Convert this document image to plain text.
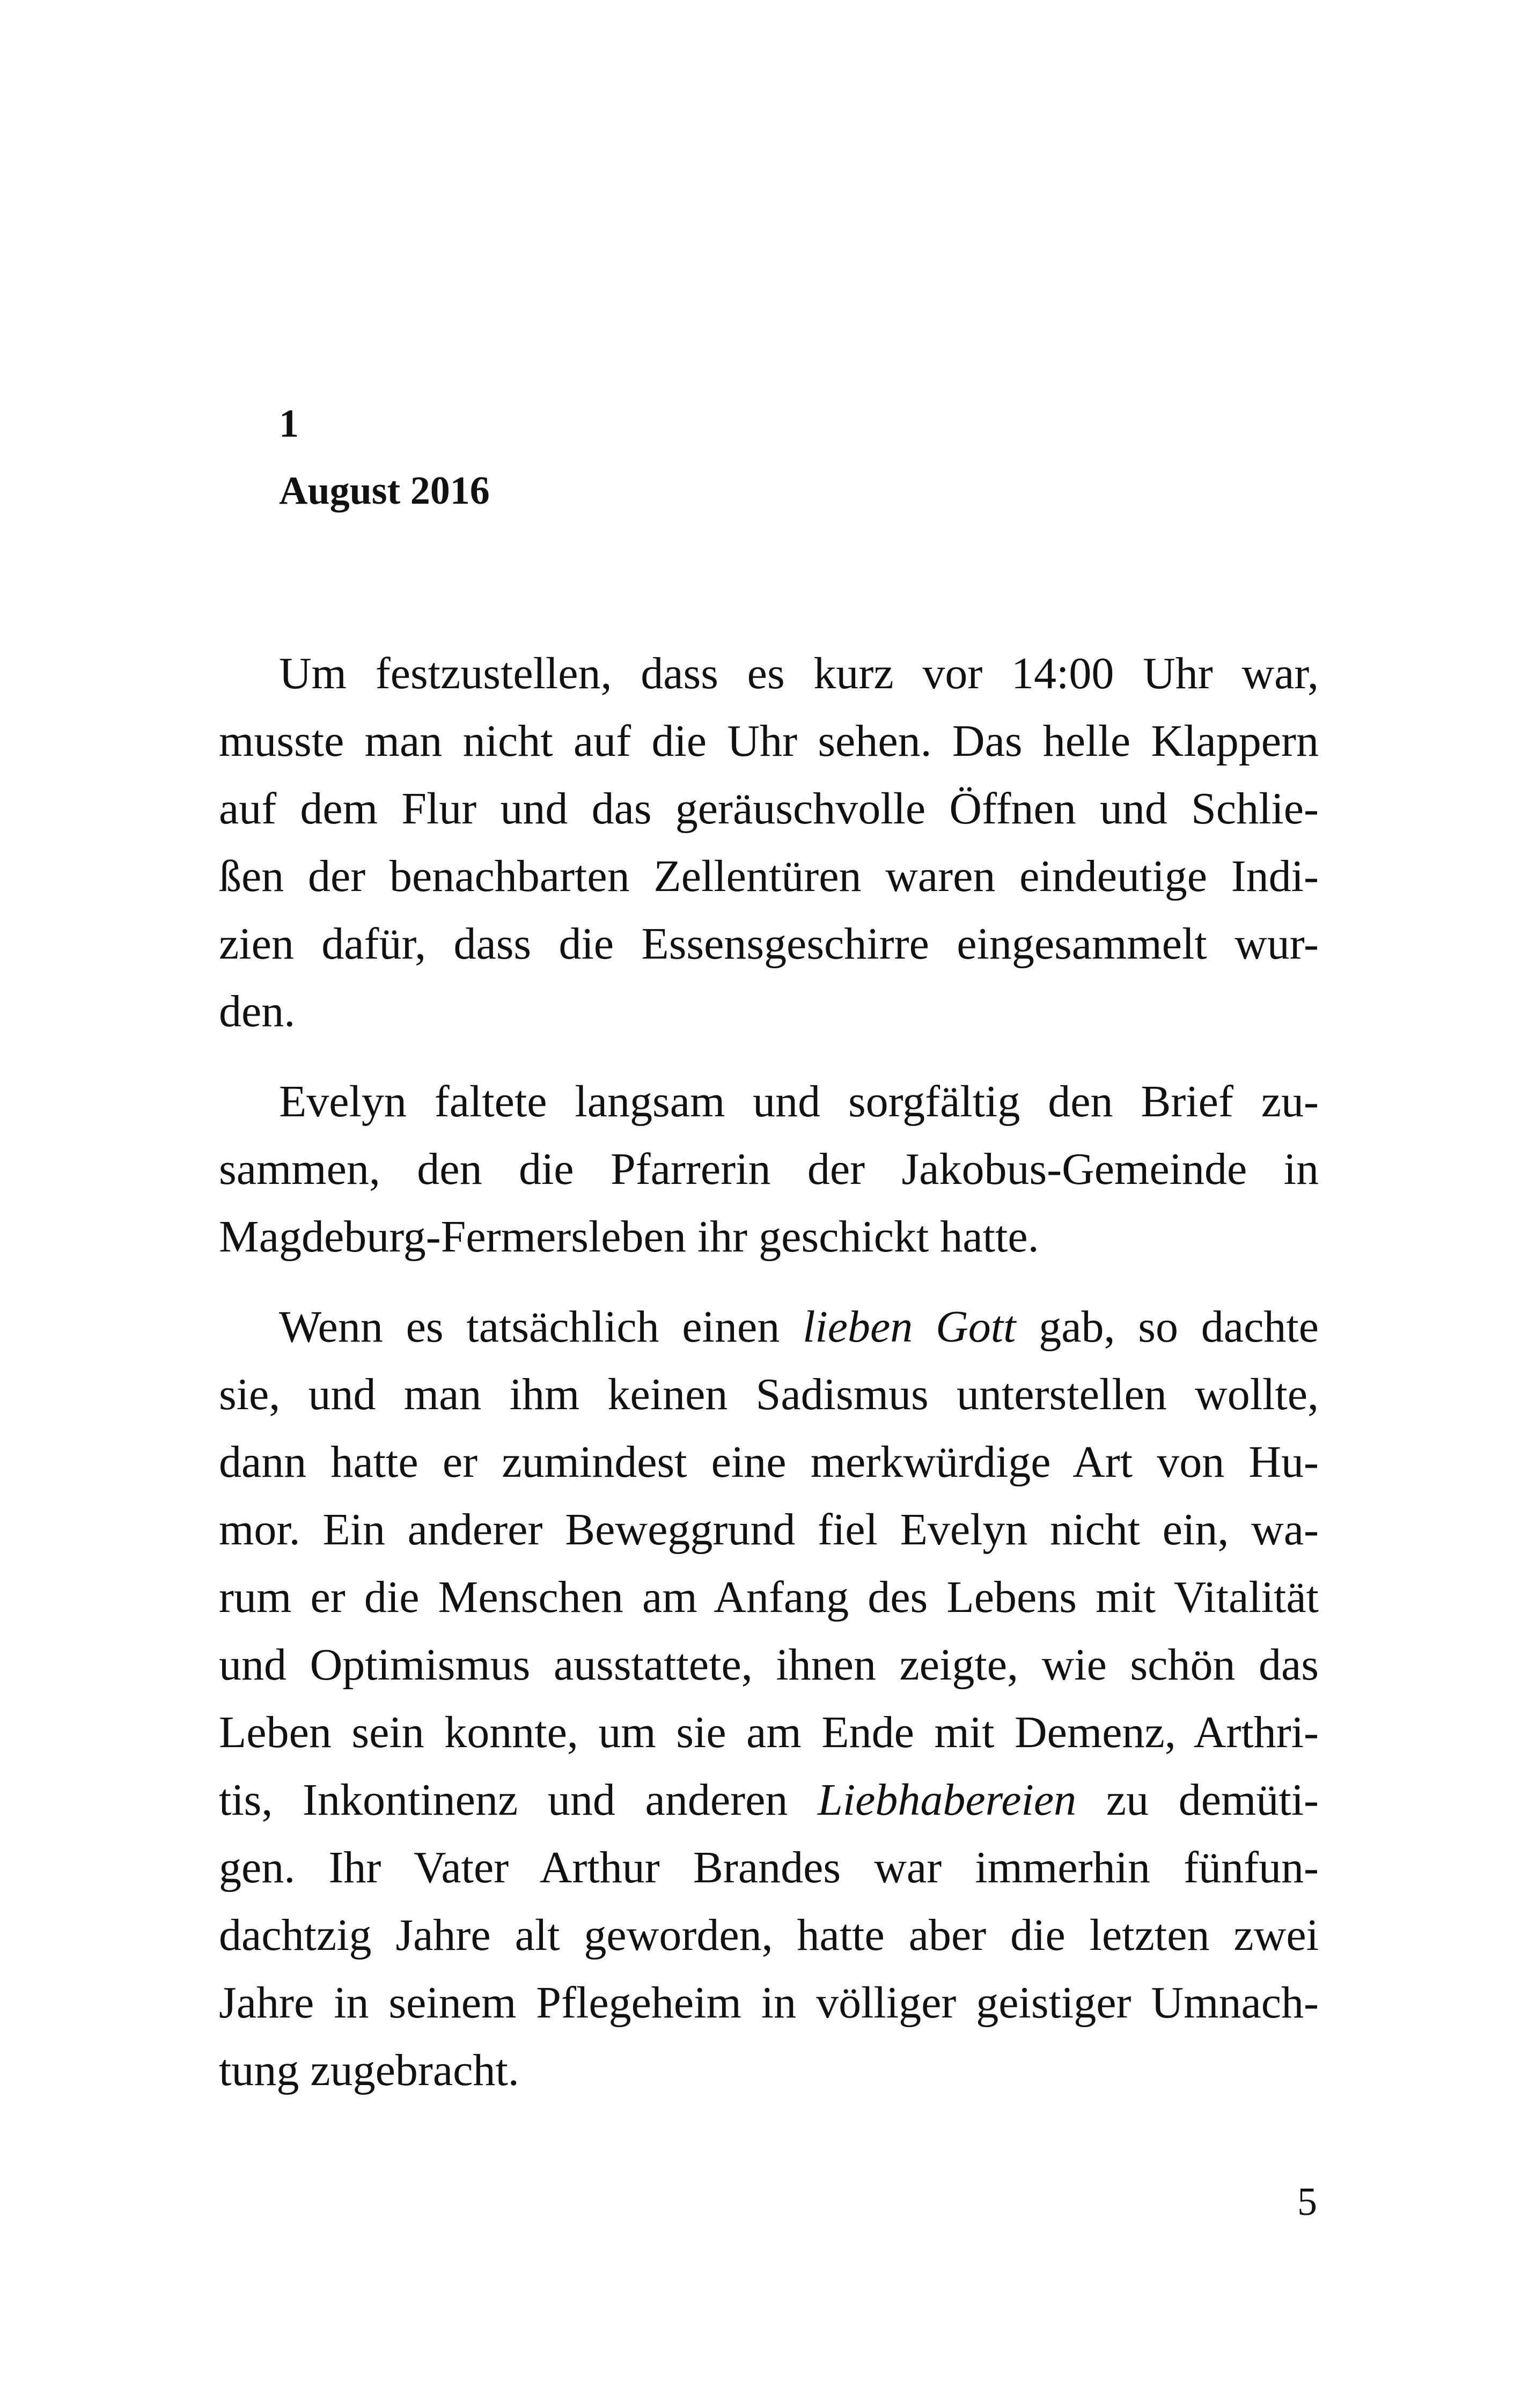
1
August 2016
Um festzustellen, dass es kurz vor 14:00 Uhr war,
musste man nicht auf die Uhr sehen. Das helle Klappern
auf dem Flur und das geräuschvolle Öffnen und Schlie-
ßen der benachbarten Zellentüren waren eindeutige Indi-
zien dafür, dass die Essensgeschirre eingesammelt wur-
den.
Evelyn faltete langsam und sorgfältig den Brief zu-
sammen, den die Pfarrerin der Jakobus-Gemeinde in
Magdeburg-Fermersleben ihr geschickt hatte.
Wenn es tatsächlich einen lieben Gott gab, so dachte
sie, und man ihm keinen Sadismus unterstellen wollte,
dann hatte er zumindest eine merkwürdige Art von Hu-
mor. Ein anderer Beweggrund fiel Evelyn nicht ein, wa-
rum er die Menschen am Anfang des Lebens mit Vitalität
und Optimismus ausstattete, ihnen zeigte, wie schön das
Leben sein konnte, um sie am Ende mit Demenz, Arthri-
tis, Inkontinenz und anderen Liebhabereien zu demüti-
gen. Ihr Vater Arthur Brandes war immerhin fünfun-
dachtzig Jahre alt geworden, hatte aber die letzten zwei
Jahre in seinem Pflegeheim in völliger geistiger Umnach-
tung zugebracht.
5
